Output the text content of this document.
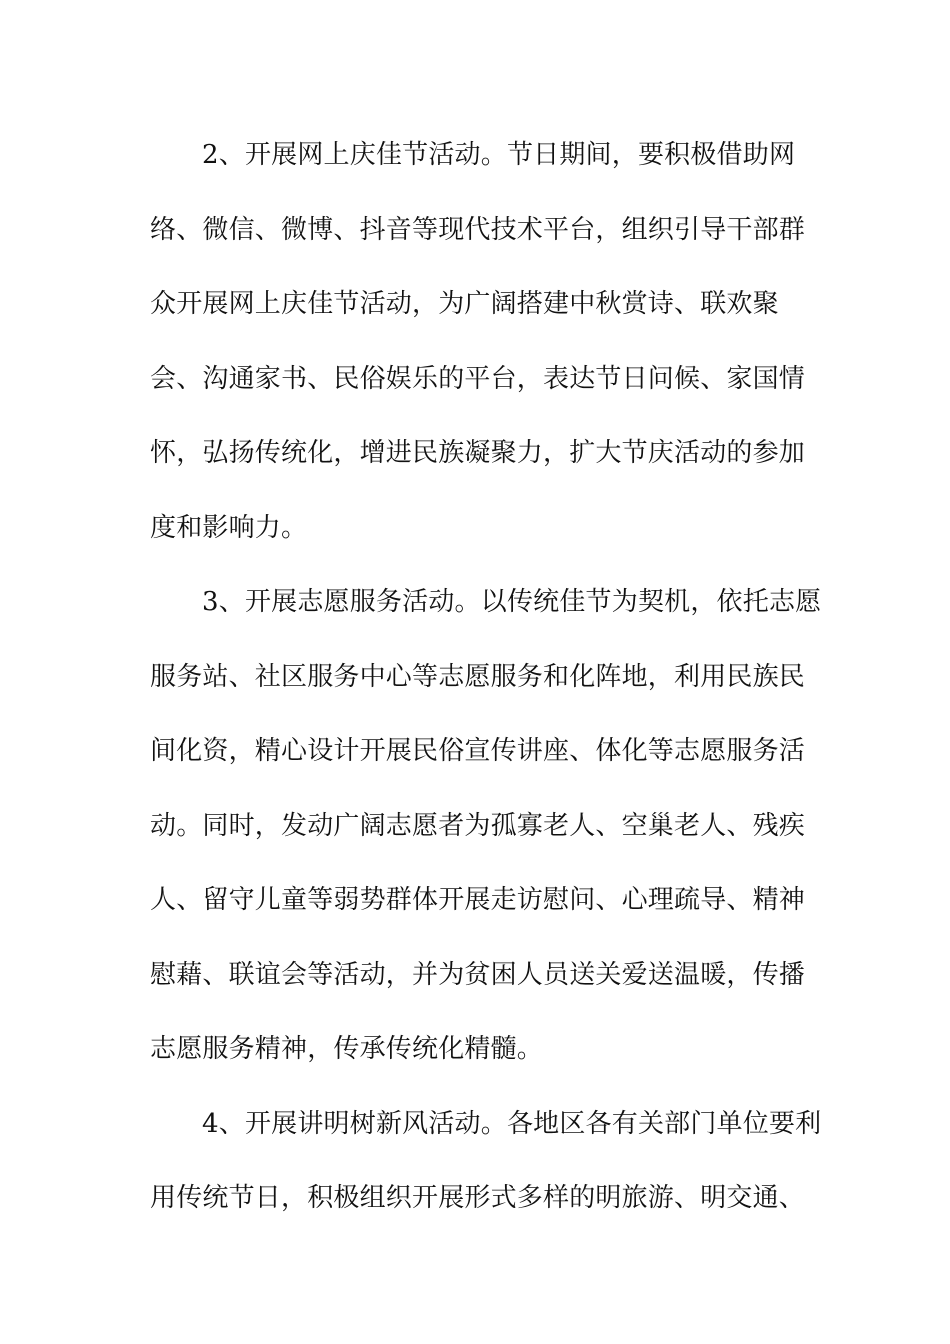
2、开展网上庆佳节活动。节日期间，要积极借助网
络、微信、微博、抖音等现代技术平台，组织引导干部群
众开展网上庆佳节活动，为广阔搭建中秋赏诗、联欢聚
会、沟通家书、民俗娱乐的平台，表达节日问候、家国情
怀，弘扬传统化，增进民族凝聚力，扩大节庆活动的参加
度和影响力。

3、开展志愿服务活动。以传统佳节为契机，依托志愿
服务站、社区服务中心等志愿服务和化阵地，利用民族民
间化资，精心设计开展民俗宣传讲座、体化等志愿服务活
动。同时，发动广阔志愿者为孤寡老人、空巢老人、残疾
人、留守儿童等弱势群体开展走访慰问、心理疏导、精神
慰藉、联谊会等活动，并为贫困人员送关爱送温暖，传播
志愿服务精神，传承传统化精髓。

4、开展讲明树新风活动。各地区各有关部门单位要利
用传统节日，积极组织开展形式多样的明旅游、明交通、
